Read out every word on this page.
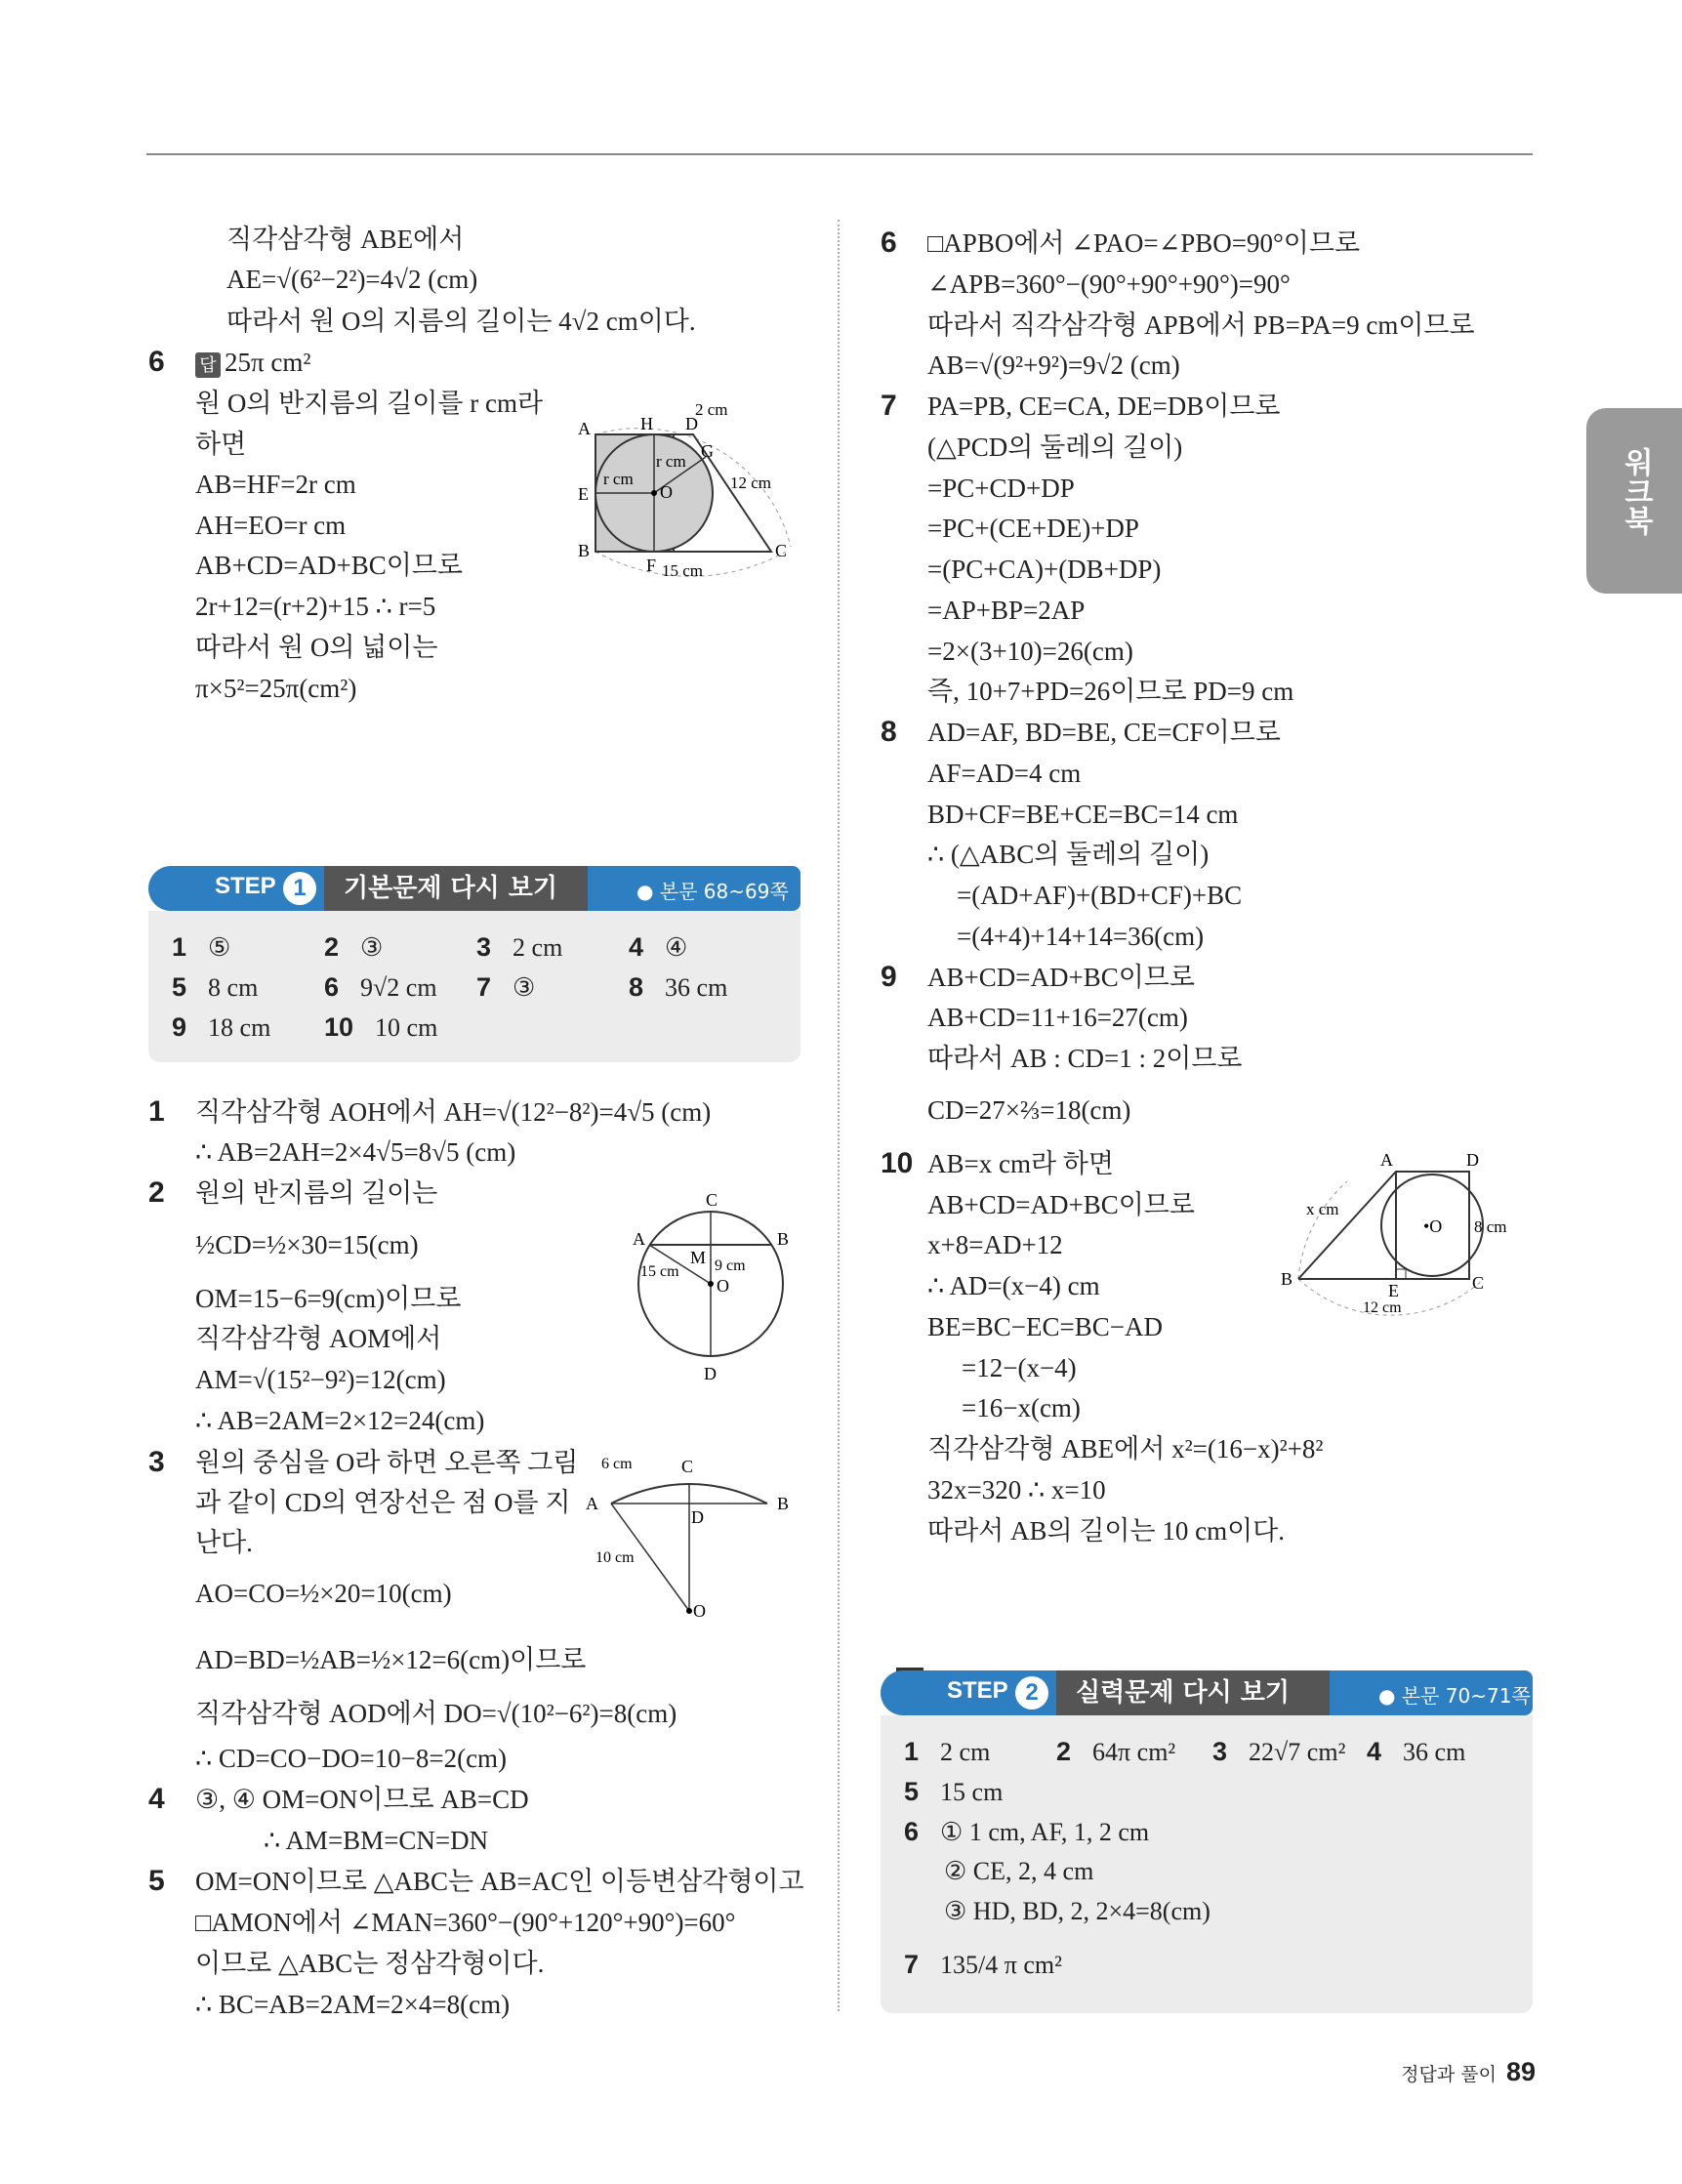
워크북
직각삼각형 ABE에서
AE=√(6²−2²)=4√2 (cm)
따라서 원 O의 지름의 길이는 4√2 cm이다.
6 답 25π cm²
원 O의 반지름의 길이를 r cm라
하면
AB=HF=2r cm
AH=EO=r cm
AB+CD=AD+BC이므로
2r+12=(r+2)+15 ∴ r=5
따라서 원 O의 넓이는
π×5²=25π(cm²)
A	H D
2 cm
G
E	O
r cm
r cm
12 cm
B
F 15 cm
C
STEP 1	기본문제 다시 보기	● 본문 68~69쪽
1 ⑤	2 ③	3 2 cm	4 ④
5 8 cm	6 9√2 cm 7 ③	8 36 cm
9 18 cm 10 10 cm
1 직각삼각형 AOH에서 AH=√(12²−8²)=4√5 (cm)
∴ AB=2AH=2×4√5=8√5 (cm)
2 원의 반지름의 길이는
½CD=½×30=15(cm)
OM=15−6=9(cm)이므로
직각삼각형 AOM에서
AM=√(15²−9²)=12(cm)
∴ AB=2AM=2×12=24(cm)
C
A
M
B
O
D
15 cm 9 cm
3 원의 중심을 O라 하면 오른쪽 그림
과 같이 CD의 연장선은 점 O를 지
난다.
AO=CO=½×20=10(cm)
AD=BD=½AB=½×12=6(cm)이므로
직각삼각형 AOD에서 DO=√(10²−6²)=8(cm)
∴ CD=CO−DO=10−8=2(cm)
6 cm	C
A	B
D
10 cm
O
4 ③, ④ OM=ON이므로 AB=CD
∴ AM=BM=CN=DN
5 OM=ON이므로 △ABC는 AB=AC인 이등변삼각형이고
□AMON에서 ∠MAN=360°−(90°+120°+90°)=60°
이므로 △ABC는 정삼각형이다.
∴ BC=AB=2AM=2×4=8(cm)
6 □APBO에서 ∠PAO=∠PBO=90°이므로
∠APB=360°−(90°+90°+90°)=90°
따라서 직각삼각형 APB에서 PB=PA=9 cm이므로
AB=√(9²+9²)=9√2 (cm)
7 PA=PB, CE=CA, DE=DB이므로
(△PCD의 둘레의 길이)
=PC+CD+DP
=PC+(CE+DE)+DP
=(PC+CA)+(DB+DP)
=AP+BP=2AP
=2×(3+10)=26(cm)
즉, 10+7+PD=26이므로 PD=9 cm
8 AD=AF, BD=BE, CE=CF이므로
AF=AD=4 cm
BD+CF=BE+CE=BC=14 cm
∴ (△ABC의 둘레의 길이)
=(AD+AF)+(BD+CF)+BC
=(4+4)+14+14=36(cm)
9 AB+CD=AD+BC이므로
AB+CD=11+16=27(cm)
따라서 AB : CD=1 : 2이므로
CD=27×⅔=18(cm)
10 AB=x cm라 하면
AB+CD=AD+BC이므로
x+8=AD+12
∴ AD=(x−4) cm
BE=BC−EC=BC−AD
=12−(x−4)
=16−x(cm)
직각삼각형 ABE에서 x²=(16−x)²+8²
32x=320 ∴ x=10
따라서 AB의 길이는 10 cm이다.
A	D
•O
x cm
8 cm
B
E	C
12 cm
STEP 2	실력문제 다시 보기	● 본문 70~71쪽
1 2 cm	2 64π cm² 3 22√7 cm² 4 36 cm
5 15 cm
6 ① 1 cm, AF, 1, 2 cm
② CE, 2, 4 cm
③ HD, BD, 2, 2×4=8(cm)
7 135/4 π cm²
정답과 풀이 89
